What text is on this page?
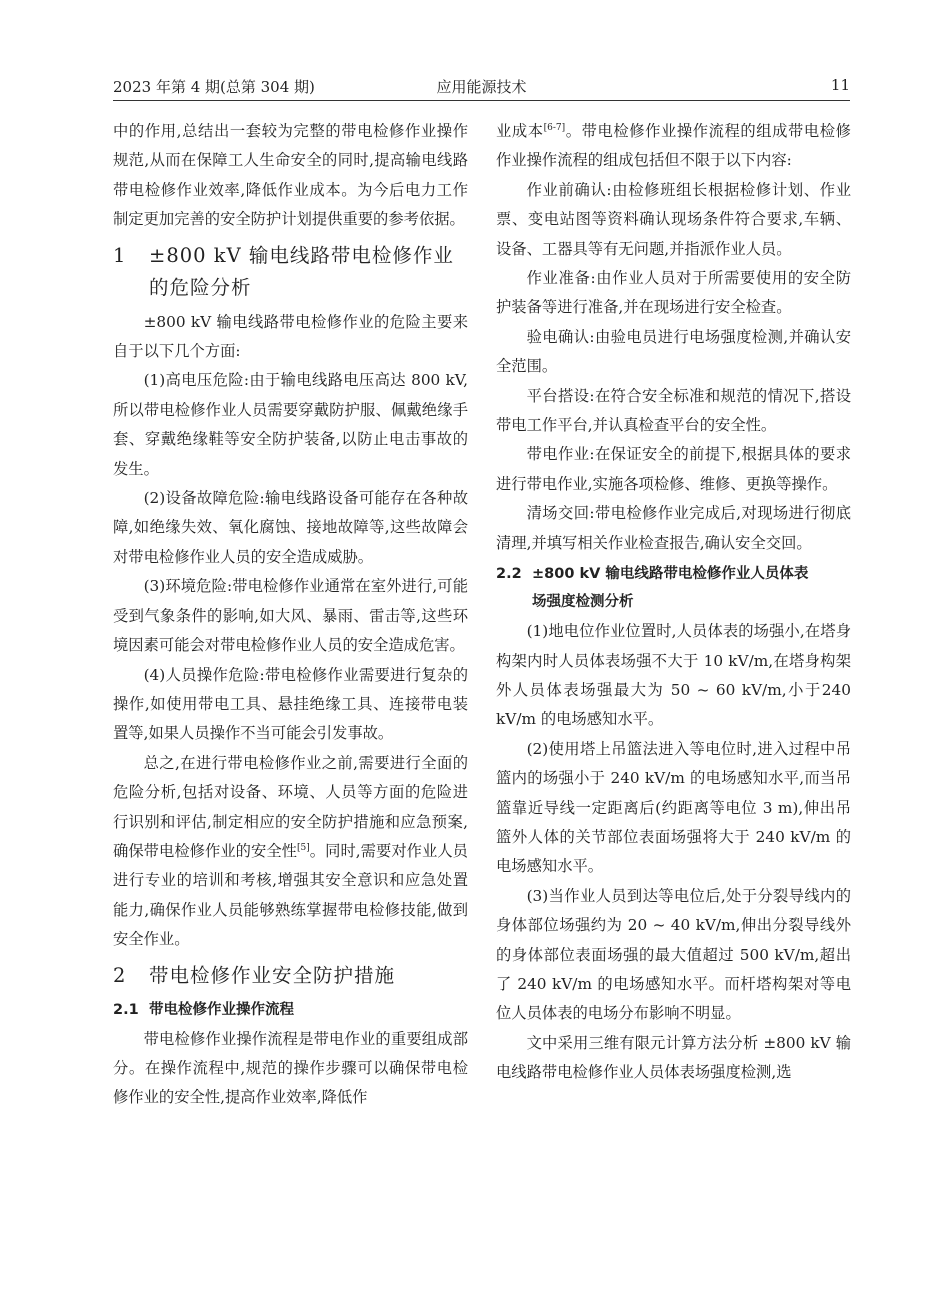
2023 年第 4 期(总第 304 期)	应用能源技术	11

中的作用,总结出一套较为完整的带电检修作业操作规范,从而在保障工人生命安全的同时,提高输电线路带电检修作业效率,降低作业成本。为今后电力工作制定更加完善的安全防护计划提供重要的参考依据。

1 ±800 kV 输电线路带电检修作业
的危险分析

±800 kV 输电线路带电检修作业的危险主要来自于以下几个方面:

(1)高电压危险:由于输电线路电压高达 800 kV,所以带电检修作业人员需要穿戴防护服、佩戴绝缘手套、穿戴绝缘鞋等安全防护装备,以防止电击事故的发生。

(2)设备故障危险:输电线路设备可能存在各种故障,如绝缘失效、氧化腐蚀、接地故障等,这些故障会对带电检修作业人员的安全造成威胁。

(3)环境危险:带电检修作业通常在室外进行,可能受到气象条件的影响,如大风、暴雨、雷击等,这些环境因素可能会对带电检修作业人员的安全造成危害。

(4)人员操作危险:带电检修作业需要进行复杂的操作,如使用带电工具、悬挂绝缘工具、连接带电装置等,如果人员操作不当可能会引发事故。

总之,在进行带电检修作业之前,需要进行全面的危险分析,包括对设备、环境、人员等方面的危险进行识别和评估,制定相应的安全防护措施和应急预案,确保带电检修作业的安全性[5]。同时,需要对作业人员进行专业的培训和考核,增强其安全意识和应急处置能力,确保作业人员能够熟练掌握带电检修技能,做到安全作业。

2 带电检修作业安全防护措施
2.1 带电检修作业操作流程

带电检修作业操作流程是带电作业的重要组成部分。在操作流程中,规范的操作步骤可以确保带电检修作业的安全性,提高作业效率,降低作

业成本[6-7]。带电检修作业操作流程的组成带电检修作业操作流程的组成包括但不限于以下内容:

作业前确认:由检修班组长根据检修计划、作业票、变电站图等资料确认现场条件符合要求,车辆、设备、工器具等有无问题,并指派作业人员。

作业准备:由作业人员对于所需要使用的安全防护装备等进行准备,并在现场进行安全检查。

验电确认:由验电员进行电场强度检测,并确认安全范围。

平台搭设:在符合安全标准和规范的情况下,搭设带电工作平台,并认真检查平台的安全性。

带电作业:在保证安全的前提下,根据具体的要求进行带电作业,实施各项检修、维修、更换等操作。

清场交回:带电检修作业完成后,对现场进行彻底清理,并填写相关作业检查报告,确认安全交回。

2.2 ±800 kV 输电线路带电检修作业人员体表
场强度检测分析

(1)地电位作业位置时,人员体表的场强小,在塔身构架内时人员体表场强不大于 10 kV/m,在塔身构架外人员体表场强最大为 50 ~ 60 kV/m,小于240 kV/m 的电场感知水平。

(2)使用塔上吊篮法进入等电位时,进入过程中吊篮内的场强小于 240 kV/m 的电场感知水平,而当吊篮靠近导线一定距离后(约距离等电位 3 m),伸出吊篮外人体的关节部位表面场强将大于 240 kV/m 的电场感知水平。

(3)当作业人员到达等电位后,处于分裂导线内的身体部位场强约为 20 ~ 40 kV/m,伸出分裂导线外的身体部位表面场强的最大值超过 500 kV/m,超出了 240 kV/m 的电场感知水平。而杆塔构架对等电位人员体表的电场分布影响不明显。

文中采用三维有限元计算方法分析 ±800 kV 输电线路带电检修作业人员体表场强度检测,选
